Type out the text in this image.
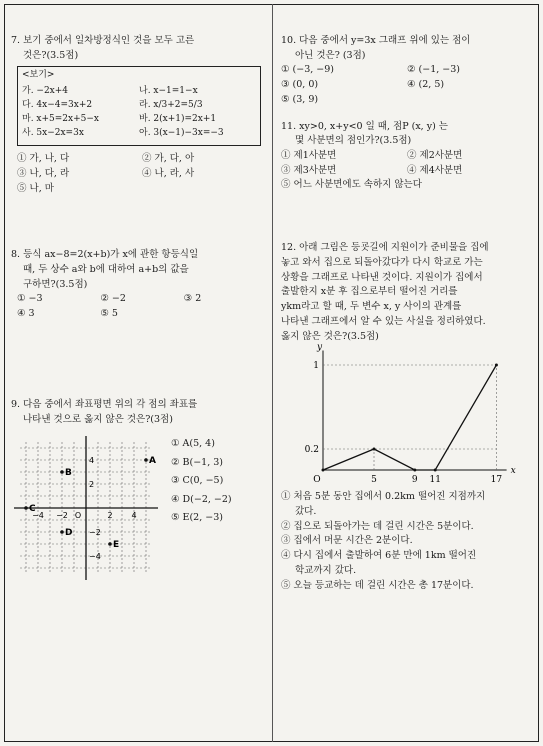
7. 보기 중에서 일차방정식인 것을 모두 고른
것은?(3.5점)
<보기>
가. −2x+4	나. x−1=1−x
다. 4x−4=3x+2	라. x/3+2=5/3
마. x+5=2x+5−x	바. 2(x+1)=2x+1
사. 5x−2x=3x	아. 3(x−1)−3x=−3
① 가, 나, 다	② 가, 다, 아
③ 나, 다, 라	④ 나, 라, 사
⑤ 나, 마
8. 등식 ax−8=2(x+b)가 x에 관한 항등식일
때, 두 상수 a와 b에 대하여 a+b의 값을
구하면?(3.5점)
① −3	② −2	③ 2
④ 3	⑤ 5
9. 다음 중에서 좌표평면 위의 각 점의 좌표를
나타낸 것으로 옳지 않은 것은?(3점)
−4 −2 O	2 4
4
2
−2
−4
A
B
C
D
E
① A(5, 4)
② B(−1, 3)
③ C(0, −5)
④ D(−2, −2)
⑤ E(2, −3)
10. 다음 중에서 y=3x 그래프 위에 있는 점이
아닌 것은? (3점)
① (−3, −9)	② (−1, −3)
③ (0, 0)	④ (2, 5)
⑤ (3, 9)
11. xy>0, x+y<0 일 때, 점P (x, y) 는
몇 사분면의 점인가?(3.5점)
① 제1사분면	② 제2사분면
③ 제3사분면	④ 제4사분면
⑤ 어느 사분면에도 속하지 않는다
12. 아래 그림은 등굣길에 지원이가 준비물을 집에
놓고 와서 집으로 되돌아갔다가 다시 학교로 가는
상황을 그래프로 나타낸 것이다. 지원이가 집에서
출발한지 x분 후 집으로부터 떨어진 거리를
ykm라고 할 때, 두 변수 x, y 사이의 관계를
나타낸 그래프에서 알 수 있는 사실을 정리하였다.
옳지 않은 것은?(3.5점)
O	5	9 11	17
0.2
1
x
y
① 처음 5분 동안 집에서 0.2km 떨어진 지점까지
갔다.
② 집으로 되돌아가는 데 걸린 시간은 5분이다.
③ 집에서 머문 시간은 2분이다.
④ 다시 집에서 출발하여 6분 만에 1km 떨어진
학교까지 갔다.
⑤ 오늘 등교하는 데 걸린 시간은 총 17분이다.
